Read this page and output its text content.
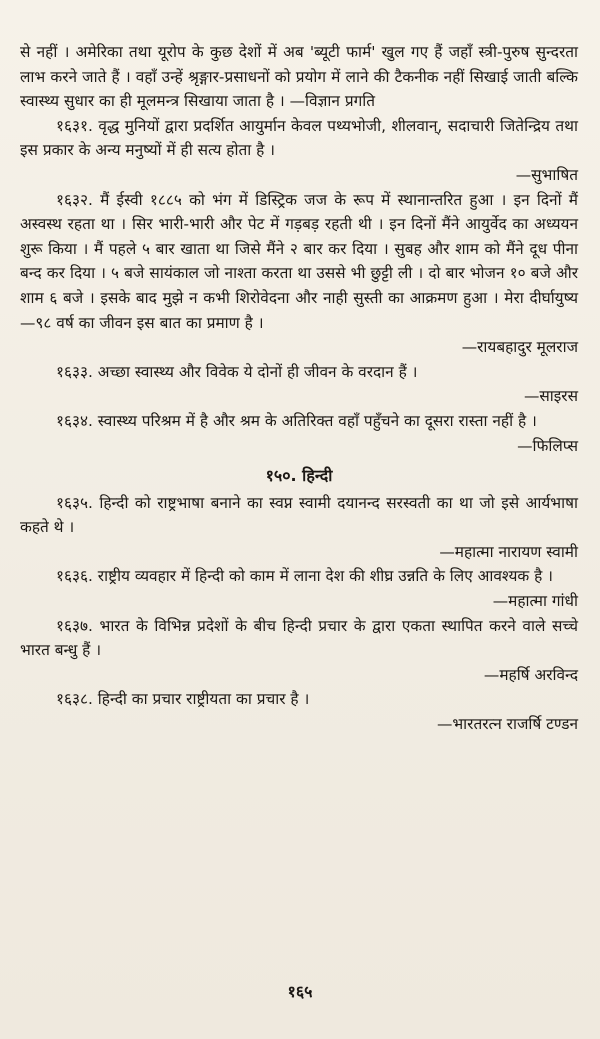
से नहीं । अमेरिका तथा यूरोप के कुछ देशों में अब 'ब्यूटी फार्म' खुल गए हैं जहाँ स्त्री-पुरुष सुन्दरता लाभ करने जाते हैं । वहाँ उन्हें श्रृङ्गार-प्रसाधनों को प्रयोग में लाने की टैकनीक नहीं सिखाई जाती बल्कि स्वास्थ्य सुधार का ही मूलमन्त्र सिखाया जाता है । —विज्ञान प्रगति

१६३१. वृद्ध मुनियों द्वारा प्रदर्शित आयुर्मान केवल पथ्यभोजी, शीलवान्, सदाचारी जितेन्द्रिय तथा इस प्रकार के अन्य मनुष्यों में ही सत्य होता है ।

—सुभाषित

१६३२. मैं ईस्वी १८८५ को भंग में डिस्ट्रिक जज के रूप में स्थानान्तरित हुआ । इन दिनों मैं अस्वस्थ रहता था । सिर भारी-भारी और पेट में गड़बड़ रहती थी । इन दिनों मैंने आयुर्वेद का अध्ययन शुरू किया । मैं पहले ५ बार खाता था जिसे मैंने २ बार कर दिया । सुबह और शाम को मैंने दूध पीना बन्द कर दिया । ५ बजे सायंकाल जो नाश्ता करता था उससे भी छुट्टी ली । दो बार भोजन १० बजे और शाम ६ बजे । इसके बाद मुझे न कभी शिरोवेदना और नाही सुस्ती का आक्रमण हुआ । मेरा दीर्घायुष्य—९८ वर्ष का जीवन इस बात का प्रमाण है ।

—रायबहादुर मूलराज

१६३३. अच्छा स्वास्थ्य और विवेक ये दोनों ही जीवन के वरदान हैं ।

—साइरस

१६३४. स्वास्थ्य परिश्रम में है और श्रम के अतिरिक्त वहाँ पहुँचने का दूसरा रास्ता नहीं है ।

—फिलिप्स

१५०. हिन्दी

१६३५. हिन्दी को राष्ट्रभाषा बनाने का स्वप्न स्वामी दयानन्द सरस्वती का था जो इसे आर्यभाषा कहते थे ।

—महात्मा नारायण स्वामी

१६३६. राष्ट्रीय व्यवहार में हिन्दी को काम में लाना देश की शीघ्र उन्नति के लिए आवश्यक है ।

—महात्मा गांधी

१६३७. भारत के विभिन्न प्रदेशों के बीच हिन्दी प्रचार के द्वारा एकता स्थापित करने वाले सच्चे भारत बन्धु हैं ।

—महर्षि अरविन्द

१६३८. हिन्दी का प्रचार राष्ट्रीयता का प्रचार है ।

—भारतरत्न राजर्षि टण्डन

१६५
